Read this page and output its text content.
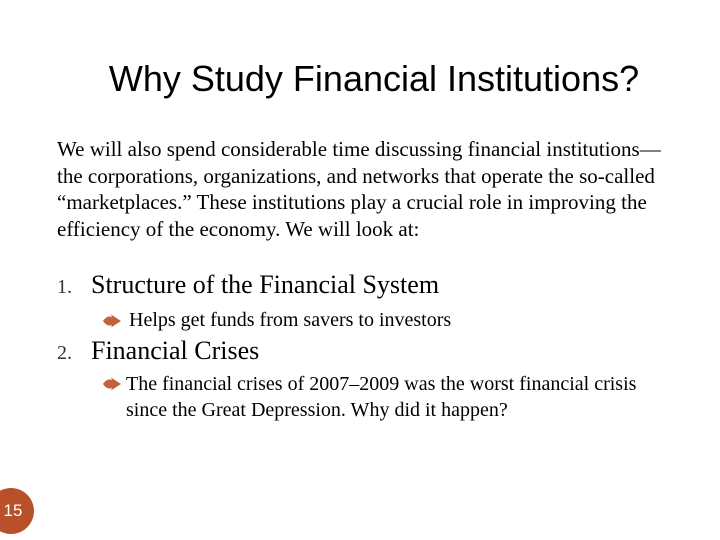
Why Study Financial Institutions?

We will also spend considerable time discussing financial institutions—the corporations, organizations, and networks that operate the so-called “marketplaces.” These institutions play a crucial role in improving the efficiency of the economy. We will look at:

1. Structure of the Financial System
Helps get funds from savers to investors
2. Financial Crises
The financial crises of 2007–2009 was the worst financial crisis since the Great Depression. Why did it happen?
15
